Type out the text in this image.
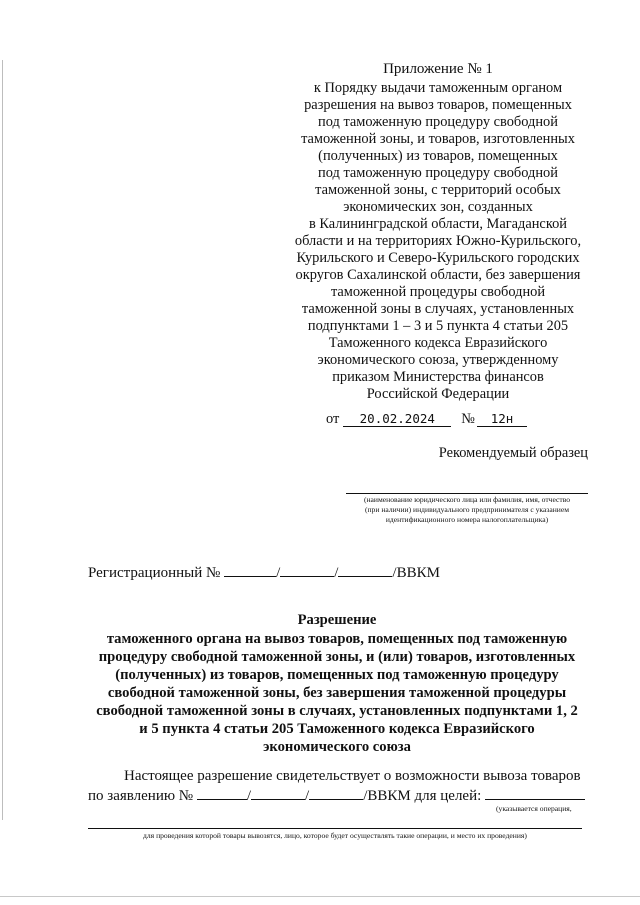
Приложение № 1
к Порядку выдачи таможенным органом
разрешения на вывоз товаров, помещенных
под таможенную процедуру свободной
таможенной зоны, и товаров, изготовленных
(полученных) из товаров, помещенных
под таможенную процедуру свободной
таможенной зоны, с территорий особых
экономических зон, созданных
в Калининградской области, Магаданской
области и на территориях Южно-Курильского,
Курильского и Северо-Курильского городских
округов Сахалинской области, без завершения
таможенной процедуры свободной
таможенной зоны в случаях, установленных
подпунктами 1 – 3 и 5 пункта 4 статьи 205
Таможенного кодекса Евразийского
экономического союза, утвержденному
приказом Министерства финансов
Российской Федерации
от 20.02.2024 № 12н
Рекомендуемый образец
(наименование юридического лица или фамилия, имя, отчество
(при наличии) индивидуального предпринимателя с указанием
идентификационного номера налогоплательщика)
Регистрационный №	/	/	/ВВКМ
Разрешение
таможенного органа на вывоз товаров, помещенных под таможенную
процедуру свободной таможенной зоны, и (или) товаров, изготовленных
(полученных) из товаров, помещенных под таможенную процедуру
свободной таможенной зоны, без завершения таможенной процедуры
свободной таможенной зоны в случаях, установленных подпунктами 1, 2
и 5 пункта 4 статьи 205 Таможенного кодекса Евразийского
экономического союза
Настоящее разрешение свидетельствует о возможности вывоза товаров
по заявлению №	/	/	/ВВКМ для целей:
(указывается операция,
для проведения которой товары вывозятся, лицо, которое будет осуществлять такие операции, и место их проведения)
